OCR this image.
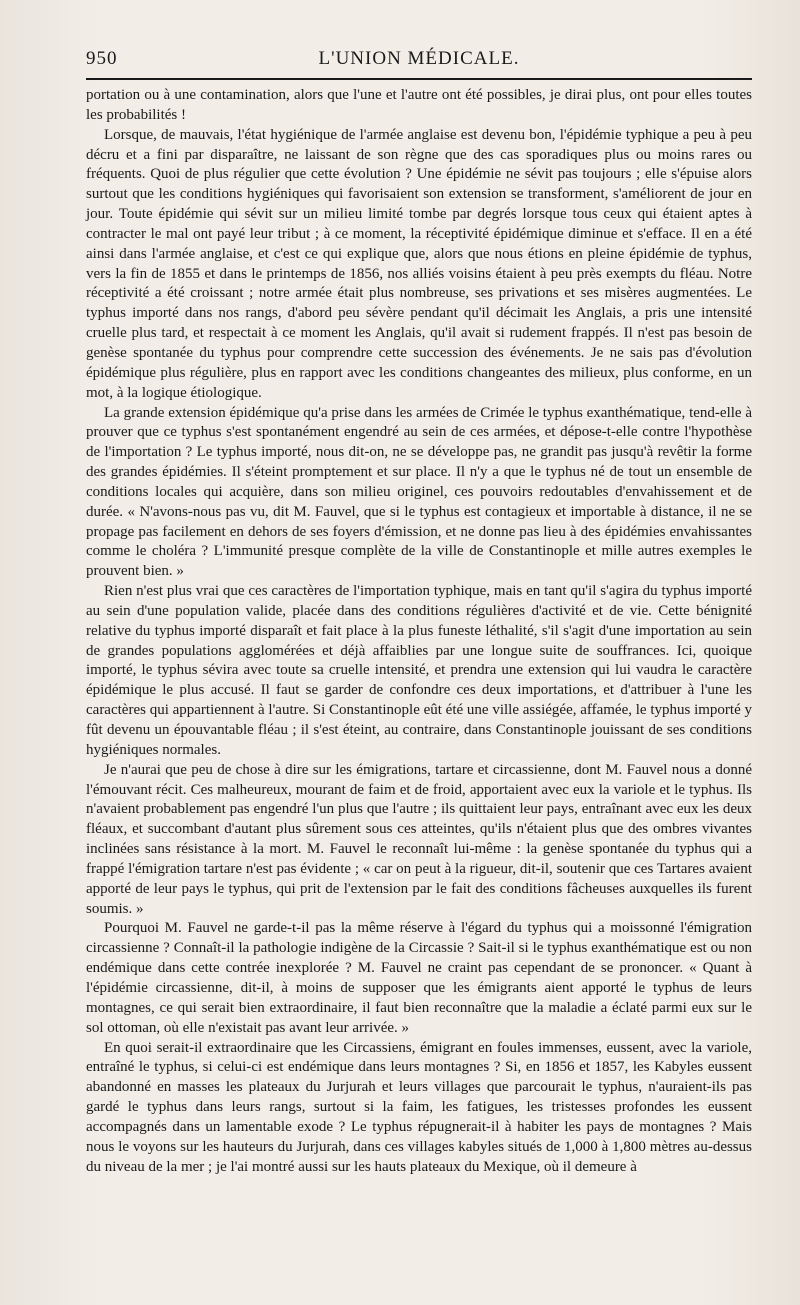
950	L'UNION MÉDICALE.

portation ou à une contamination, alors que l'une et l'autre ont été possibles, je dirai plus, ont pour elles toutes les probabilités !

Lorsque, de mauvais, l'état hygiénique de l'armée anglaise est devenu bon, l'épidémie typhique a peu à peu décru et a fini par disparaître, ne laissant de son règne que des cas sporadiques plus ou moins rares ou fréquents. Quoi de plus régulier que cette évolution ? Une épidémie ne sévit pas toujours ; elle s'épuise alors surtout que les conditions hygiéniques qui favorisaient son extension se transforment, s'améliorent de jour en jour. Toute épidémie qui sévit sur un milieu limité tombe par degrés lorsque tous ceux qui étaient aptes à contracter le mal ont payé leur tribut ; à ce moment, la réceptivité épidémique diminue et s'efface. Il en a été ainsi dans l'armée anglaise, et c'est ce qui explique que, alors que nous étions en pleine épidémie de typhus, vers la fin de 1855 et dans le printemps de 1856, nos alliés voisins étaient à peu près exempts du fléau. Notre réceptivité a été croissant ; notre armée était plus nombreuse, ses privations et ses misères augmentées. Le typhus importé dans nos rangs, d'abord peu sévère pendant qu'il décimait les Anglais, a pris une intensité cruelle plus tard, et respectait à ce moment les Anglais, qu'il avait si rudement frappés. Il n'est pas besoin de genèse spontanée du typhus pour comprendre cette succession des événements. Je ne sais pas d'évolution épidémique plus régulière, plus en rapport avec les conditions changeantes des milieux, plus conforme, en un mot, à la logique étiologique.

La grande extension épidémique qu'a prise dans les armées de Crimée le typhus exanthématique, tend-elle à prouver que ce typhus s'est spontanément engendré au sein de ces armées, et dépose-t-elle contre l'hypothèse de l'importation ? Le typhus importé, nous dit-on, ne se développe pas, ne grandit pas jusqu'à revêtir la forme des grandes épidémies. Il s'éteint promptement et sur place. Il n'y a que le typhus né de tout un ensemble de conditions locales qui acquière, dans son milieu originel, ces pouvoirs redoutables d'envahissement et de durée. « N'avons-nous pas vu, dit M. Fauvel, que si le typhus est contagieux et importable à distance, il ne se propage pas facilement en dehors de ses foyers d'émission, et ne donne pas lieu à des épidémies envahissantes comme le choléra ? L'immunité presque complète de la ville de Constantinople et mille autres exemples le prouvent bien. »

Rien n'est plus vrai que ces caractères de l'importation typhique, mais en tant qu'il s'agira du typhus importé au sein d'une population valide, placée dans des conditions régulières d'activité et de vie. Cette bénignité relative du typhus importé disparaît et fait place à la plus funeste léthalité, s'il s'agit d'une importation au sein de grandes populations agglomérées et déjà affaiblies par une longue suite de souffrances. Ici, quoique importé, le typhus sévira avec toute sa cruelle intensité, et prendra une extension qui lui vaudra le caractère épidémique le plus accusé. Il faut se garder de confondre ces deux importations, et d'attribuer à l'une les caractères qui appartiennent à l'autre. Si Constantinople eût été une ville assiégée, affamée, le typhus importé y fût devenu un épouvantable fléau ; il s'est éteint, au contraire, dans Constantinople jouissant de ses conditions hygiéniques normales.

Je n'aurai que peu de chose à dire sur les émigrations, tartare et circassienne, dont M. Fauvel nous a donné l'émouvant récit. Ces malheureux, mourant de faim et de froid, apportaient avec eux la variole et le typhus. Ils n'avaient probablement pas engendré l'un plus que l'autre ; ils quittaient leur pays, entraînant avec eux les deux fléaux, et succombant d'autant plus sûrement sous ces atteintes, qu'ils n'étaient plus que des ombres vivantes inclinées sans résistance à la mort. M. Fauvel le reconnaît lui-même : la genèse spontanée du typhus qui a frappé l'émigration tartare n'est pas évidente ; « car on peut à la rigueur, dit-il, soutenir que ces Tartares avaient apporté de leur pays le typhus, qui prit de l'extension par le fait des conditions fâcheuses auxquelles ils furent soumis. »

Pourquoi M. Fauvel ne garde-t-il pas la même réserve à l'égard du typhus qui a moissonné l'émigration circassienne ? Connaît-il la pathologie indigène de la Circassie ? Sait-il si le typhus exanthématique est ou non endémique dans cette contrée inexplorée ? M. Fauvel ne craint pas cependant de se prononcer. « Quant à l'épidémie circassienne, dit-il, à moins de supposer que les émigrants aient apporté le typhus de leurs montagnes, ce qui serait bien extraordinaire, il faut bien reconnaître que la maladie a éclaté parmi eux sur le sol ottoman, où elle n'existait pas avant leur arrivée. »

En quoi serait-il extraordinaire que les Circassiens, émigrant en foules immenses, eussent, avec la variole, entraîné le typhus, si celui-ci est endémique dans leurs montagnes ? Si, en 1856 et 1857, les Kabyles eussent abandonné en masses les plateaux du Jurjurah et leurs villages que parcourait le typhus, n'auraient-ils pas gardé le typhus dans leurs rangs, surtout si la faim, les fatigues, les tristesses profondes les eussent accompagnés dans un lamentable exode ? Le typhus répugnerait-il à habiter les pays de montagnes ? Mais nous le voyons sur les hauteurs du Jurjurah, dans ces villages kabyles situés de 1,000 à 1,800 mètres au-dessus du niveau de la mer ; je l'ai montré aussi sur les hauts plateaux du Mexique, où il demeure à
